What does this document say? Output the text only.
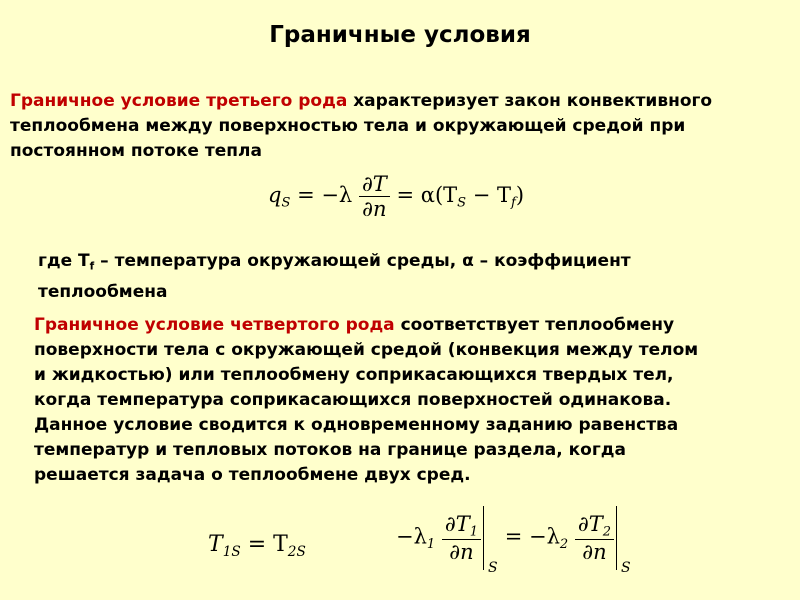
Граничные условия
Граничное условие третьего рода характеризует закон конвективного
теплообмена между поверхностью тела и окружающей средой при
постоянном потоке тепла
$q_S = -\lambda \frac{\partial T}{\partial n} = \alpha(T_S - T_f)$
где $T_f$ – температура окружающей среды, α – коэффициент
теплообмена
Граничное условие четвертого рода соответствует теплообмену
поверхности тела с окружающей средой (конвекция между телом
и жидкостью) или теплообмену соприкасающихся твердых тел,
когда температура соприкасающихся поверхностей одинакова.
Данное условие сводится к одновременному заданию равенства
температур и тепловых потоков на границе раздела, когда
решается задача о теплообмене двух сред.
$T_{1S} = T_{2S}$
$-\lambda_1 \frac{\partial T_1}{\partial n}$
S
= $-\lambda_2 \frac{\partial T_2}{\partial n}$
S
